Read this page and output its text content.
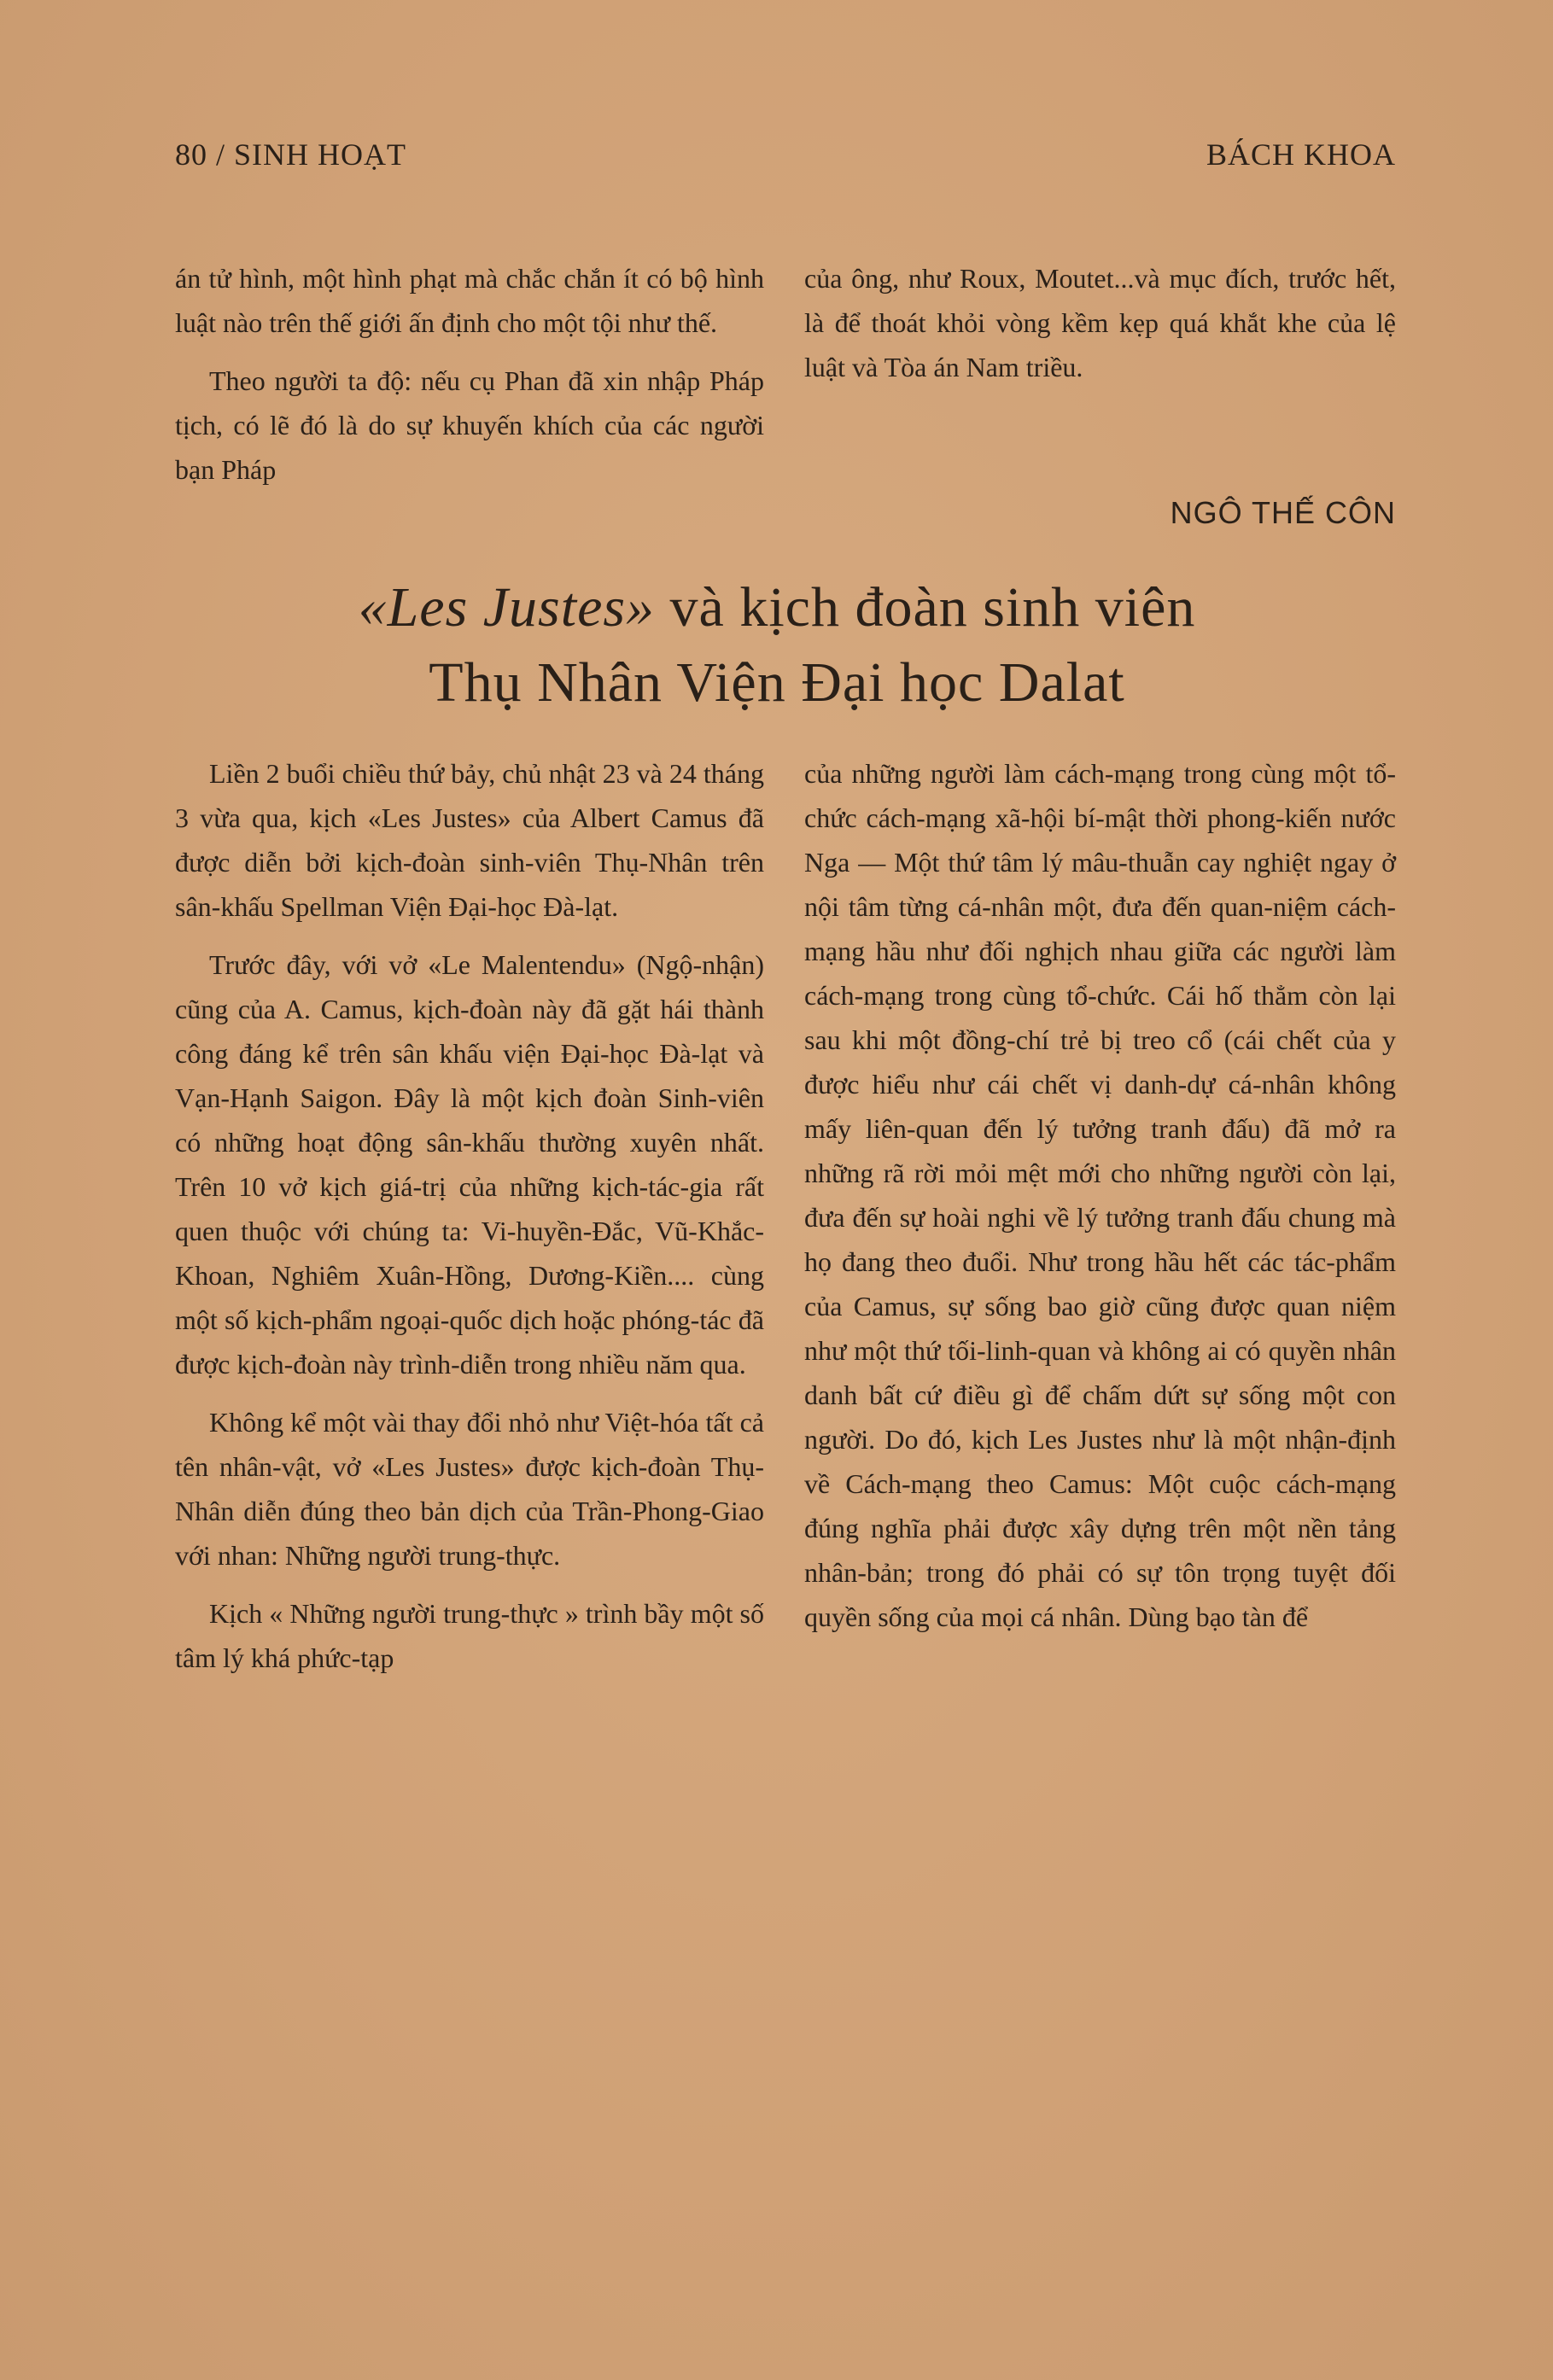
80 / SINH HOẠT	BÁCH KHOA

án tử hình, một hình phạt mà chắc chắn ít có bộ hình luật nào trên thế giới ấn định cho một tội như thế.

Theo người ta độ: nếu cụ Phan đã xin nhập Pháp tịch, có lẽ đó là do sự khuyến khích của các người bạn Pháp

của ông, như Roux, Moutet...và mục đích, trước hết, là để thoát khỏi vòng kềm kẹp quá khắt khe của lệ luật và Tòa án Nam triều.

NGÔ THẾ CÔN
«Les Justes» và kịch đoàn sinh viên
Thụ Nhân Viện Đại học Dalat

Liền 2 buổi chiều thứ bảy, chủ nhật 23 và 24 tháng 3 vừa qua, kịch «Les Justes» của Albert Camus đã được diễn bởi kịch-đoàn sinh-viên Thụ-Nhân trên sân-khấu Spellman Viện Đại-học Đà-lạt.

Trước đây, với vở «Le Malentendu» (Ngộ-nhận) cũng của A. Camus, kịch-đoàn này đã gặt hái thành công đáng kể trên sân khấu viện Đại-học Đà-lạt và Vạn-Hạnh Saigon. Đây là một kịch đoàn Sinh-viên có những hoạt động sân-khấu thường xuyên nhất. Trên 10 vở kịch giá-trị của những kịch-tác-gia rất quen thuộc với chúng ta: Vi-huyền-Đắc, Vũ-Khắc-Khoan, Nghiêm Xuân-Hồng, Dương-Kiền.... cùng một số kịch-phẩm ngoại-quốc dịch hoặc phóng-tác đã được kịch-đoàn này trình-diễn trong nhiều năm qua.

Không kể một vài thay đổi nhỏ như Việt-hóa tất cả tên nhân-vật, vở «Les Justes» được kịch-đoàn Thụ-Nhân diễn đúng theo bản dịch của Trần-Phong-Giao với nhan: Những người trung-thực.

Kịch « Những người trung-thực » trình bầy một số tâm lý khá phức-tạp

của những người làm cách-mạng trong cùng một tổ-chức cách-mạng xã-hội bí-mật thời phong-kiến nước Nga — Một thứ tâm lý mâu-thuẫn cay nghiệt ngay ở nội tâm từng cá-nhân một, đưa đến quan-niệm cách-mạng hầu như đối nghịch nhau giữa các người làm cách-mạng trong cùng tổ-chức. Cái hố thẳm còn lại sau khi một đồng-chí trẻ bị treo cổ (cái chết của y được hiểu như cái chết vị danh-dự cá-nhân không mấy liên-quan đến lý tưởng tranh đấu) đã mở ra những rã rời mỏi mệt mới cho những người còn lại, đưa đến sự hoài nghi về lý tưởng tranh đấu chung mà họ đang theo đuổi. Như trong hầu hết các tác-phẩm của Camus, sự sống bao giờ cũng được quan niệm như một thứ tối-linh-quan và không ai có quyền nhân danh bất cứ điều gì để chấm dứt sự sống một con người. Do đó, kịch Les Justes như là một nhận-định về Cách-mạng theo Camus: Một cuộc cách-mạng đúng nghĩa phải được xây dựng trên một nền tảng nhân-bản; trong đó phải có sự tôn trọng tuyệt đối quyền sống của mọi cá nhân. Dùng bạo tàn để
